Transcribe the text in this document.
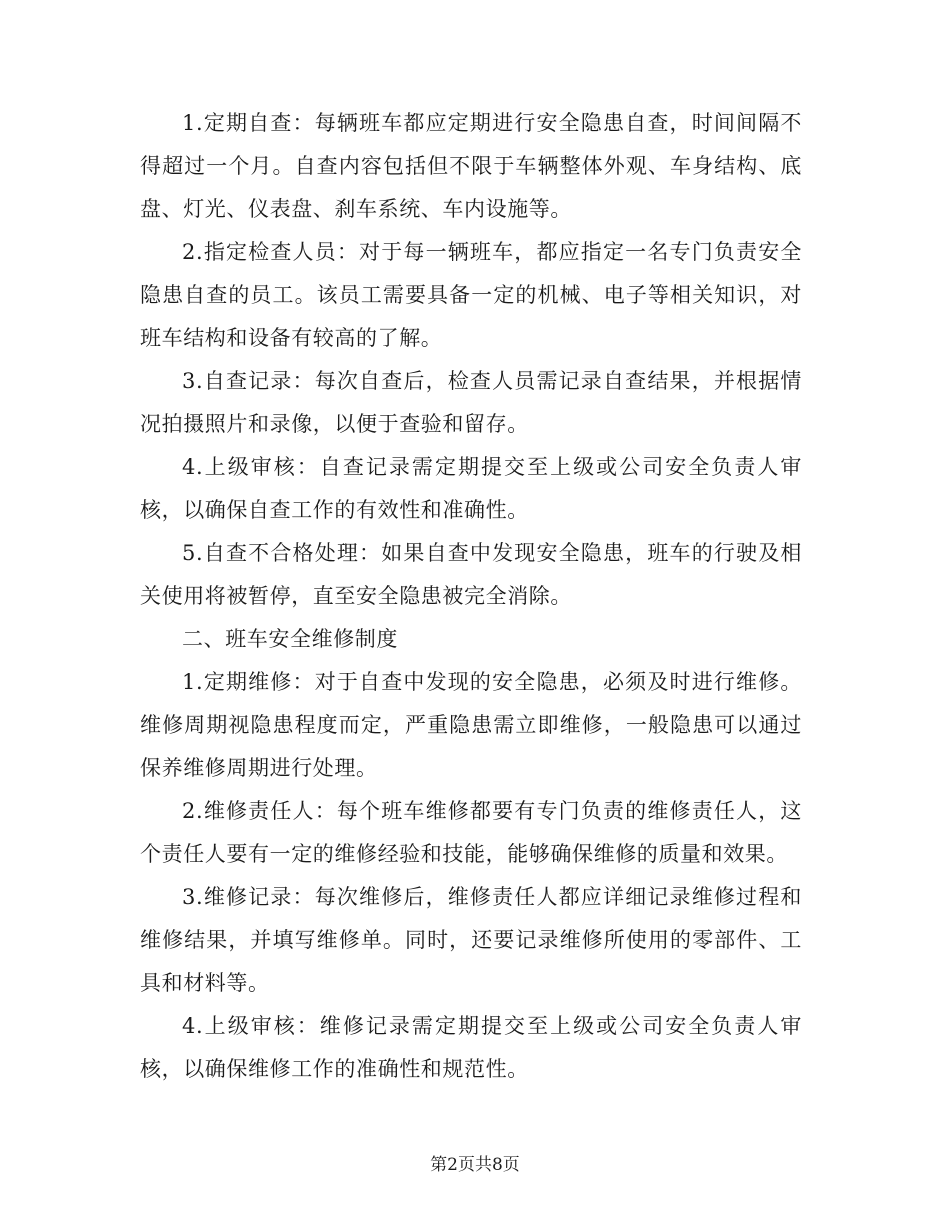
1.定期自查：每辆班车都应定期进行安全隐患自查，时间间隔不得超过一个月。自查内容包括但不限于车辆整体外观、车身结构、底盘、灯光、仪表盘、刹车系统、车内设施等。

2.指定检查人员：对于每一辆班车，都应指定一名专门负责安全隐患自查的员工。该员工需要具备一定的机械、电子等相关知识，对班车结构和设备有较高的了解。

3.自查记录：每次自查后，检查人员需记录自查结果，并根据情况拍摄照片和录像，以便于查验和留存。

4.上级审核：自查记录需定期提交至上级或公司安全负责人审核，以确保自查工作的有效性和准确性。

5.自查不合格处理：如果自查中发现安全隐患，班车的行驶及相关使用将被暂停，直至安全隐患被完全消除。

二、班车安全维修制度

1.定期维修：对于自查中发现的安全隐患，必须及时进行维修。维修周期视隐患程度而定，严重隐患需立即维修，一般隐患可以通过保养维修周期进行处理。

2.维修责任人：每个班车维修都要有专门负责的维修责任人，这个责任人要有一定的维修经验和技能，能够确保维修的质量和效果。

3.维修记录：每次维修后，维修责任人都应详细记录维修过程和维修结果，并填写维修单。同时，还要记录维修所使用的零部件、工具和材料等。

4.上级审核：维修记录需定期提交至上级或公司安全负责人审核，以确保维修工作的准确性和规范性。

第2页共8页
